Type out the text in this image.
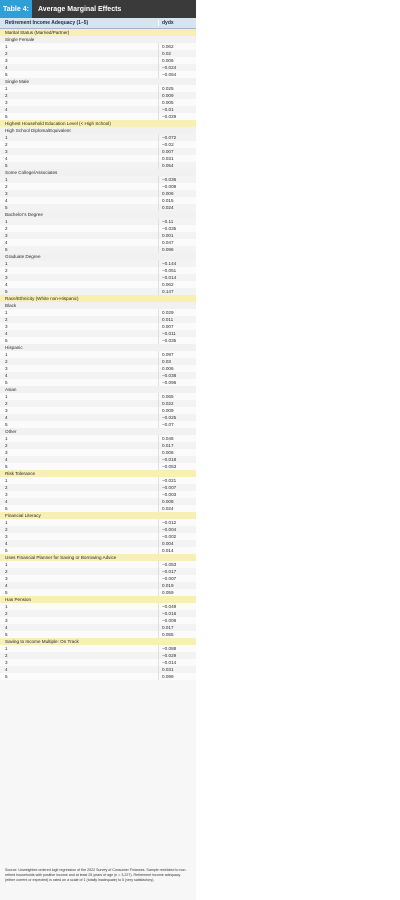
Table 4:	Average Marginal Effects
Retirement Income Adequacy (1–5)	dydx
Marital Status (Married/Partner)
Single Female
1	0.062
2	0.02
3	0.006
4	−0.024
5	−0.064
Single Male
1	0.025
2	0.009
3	0.005
4	−0.01
5	−0.029
Highest Household Education Level (< High School)
High School Diploma/Equivalent
1	−0.072
2	−0.02
3	0.007
4	0.031
5	0.054
Some College/Associates
1	−0.036
2	−0.009
3	0.006
4	0.015
5	0.024
Bachelor’s Degree
1	−0.11
2	−0.035
3	0.001
4	0.047
5	0.096
Graduate Degree
1	−0.144
2	−0.051
3	−0.014
4	0.062
5	0.147
Race/Ethnicity (White non-Hispanic)
Black
1	0.029
2	0.011
3	0.007
4	−0.011
5	−0.035
Hispanic
1	0.097
2	0.03
3	0.006
4	−0.038
5	−0.096
Asian
1	0.065
2	0.022
3	0.009
4	−0.025
5	−0.07
Other
1	0.046
2	0.017
3	0.008
4	−0.018
5	−0.053
Risk Tolerance
1	−0.021
2	−0.007
3	−0.003
4	0.008
5	0.024
Financial Literacy
1	−0.012
2	−0.004
3	−0.002
4	0.004
5	0.014
Uses Financial Planner for Saving or Borrowing Advice
1	−0.053
2	−0.017
3	−0.007
4	0.019
5	0.059
Has Pension
1	−0.049
2	−0.016
3	−0.008
4	0.017
5	0.055
Saving to Income Multiple: On Track
1	−0.088
2	−0.029
3	−0.014
4	0.031
5	0.099
Source: Unweighted ordered logit regression of the 2022 Survey of Consumer Finances. Sample restricted to non-retired households with positive income and at least 25 years of age (n = 3,227). Retirement income adequacy (either current or expected) is rated on a scale of 1 (totally inadequate) to 5 (very satisfactory).
